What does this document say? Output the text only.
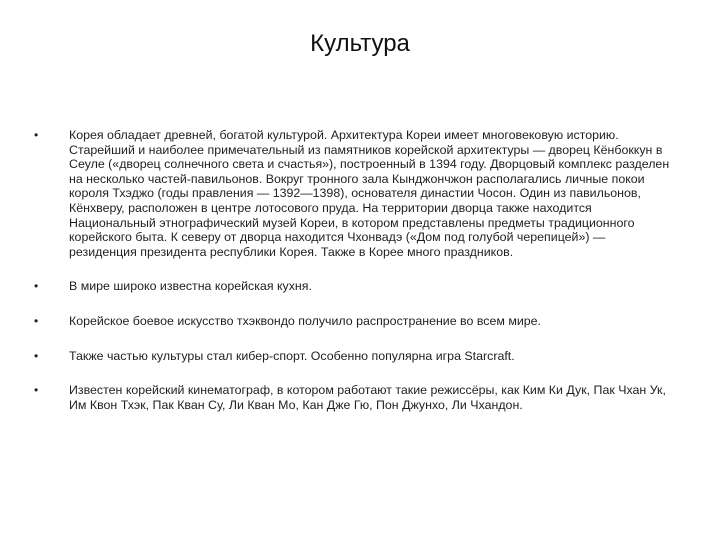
Культура
• Корея обладает древней, богатой культурой. Архитектура Кореи имеет многовековую историю. Старейший и наиболее примечательный из памятников корейской архитектуры — дворец Кёнбоккун в Сеуле («дворец солнечного света и счастья»), построенный в 1394 году. Дворцовый комплекс разделен на несколько частей-павильонов. Вокруг тронного зала Кынджончжон располагались личные покои короля Тхэджо (годы правления — 1392—1398), основателя династии Чосон. Один из павильонов, Кёнхверу, расположен в центре лотосового пруда. На территории дворца также находится Национальный этнографический музей Кореи, в котором представлены предметы традиционного корейского быта. К северу от дворца находится Чхонвадэ («Дом под голубой черепицей») — резиденция президента республики Корея. Также в Корее много праздников.
• В мире широко известна корейская кухня.
• Корейское боевое искусство тхэквондо получило распространение во всем мире.
• Также частью культуры стал кибер-спорт. Особенно популярна игра Starcraft.
• Известен корейский кинематограф, в котором работают такие режиссёры, как Ким Ки Дук, Пак Чхан Ук, Им Квон Тхэк, Пак Кван Су, Ли Кван Мо, Кан Дже Гю, Пон Джунхо, Ли Чхандон.
